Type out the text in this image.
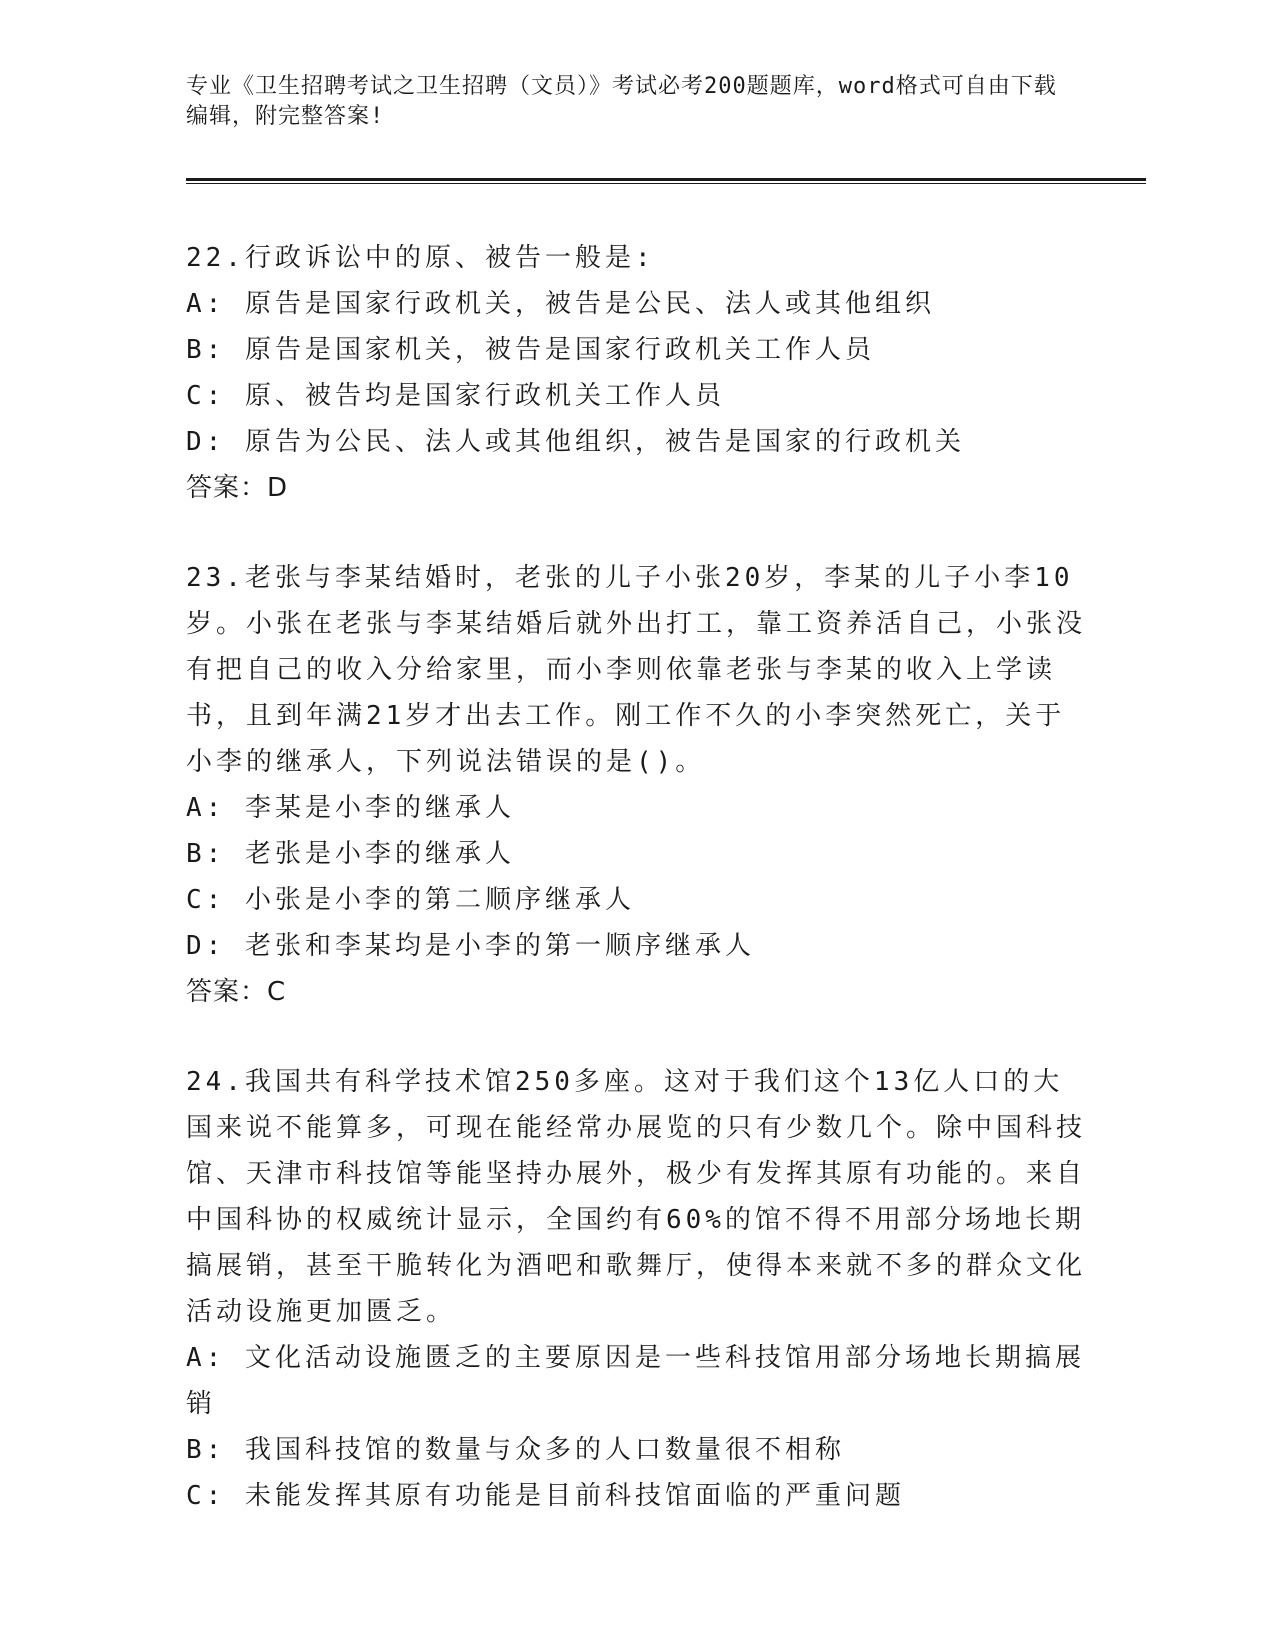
专业《卫生招聘考试之卫生招聘（文员）》考试必考200题题库，word格式可自由下载编辑，附完整答案!

22.行政诉讼中的原、被告一般是:

A: 原告是国家行政机关，被告是公民、法人或其他组织

B: 原告是国家机关，被告是国家行政机关工作人员

C: 原、被告均是国家行政机关工作人员

D: 原告为公民、法人或其他组织，被告是国家的行政机关

答案：D

23.老张与李某结婚时，老张的儿子小张20岁，李某的儿子小李10岁。小张在老张与李某结婚后就外出打工，靠工资养活自己，小张没有把自己的收入分给家里，而小李则依靠老张与李某的收入上学读书，且到年满21岁才出去工作。刚工作不久的小李突然死亡，关于小李的继承人，下列说法错误的是()。

A: 李某是小李的继承人

B: 老张是小李的继承人

C: 小张是小李的第二顺序继承人

D: 老张和李某均是小李的第一顺序继承人

答案：C

24.我国共有科学技术馆250多座。这对于我们这个13亿人口的大国来说不能算多，可现在能经常办展览的只有少数几个。除中国科技馆、天津市科技馆等能坚持办展外，极少有发挥其原有功能的。来自中国科协的权威统计显示，全国约有60%的馆不得不用部分场地长期搞展销，甚至干脆转化为酒吧和歌舞厅，使得本来就不多的群众文化活动设施更加匮乏。

A: 文化活动设施匮乏的主要原因是一些科技馆用部分场地长期搞展销

B: 我国科技馆的数量与众多的人口数量很不相称

C: 未能发挥其原有功能是目前科技馆面临的严重问题
